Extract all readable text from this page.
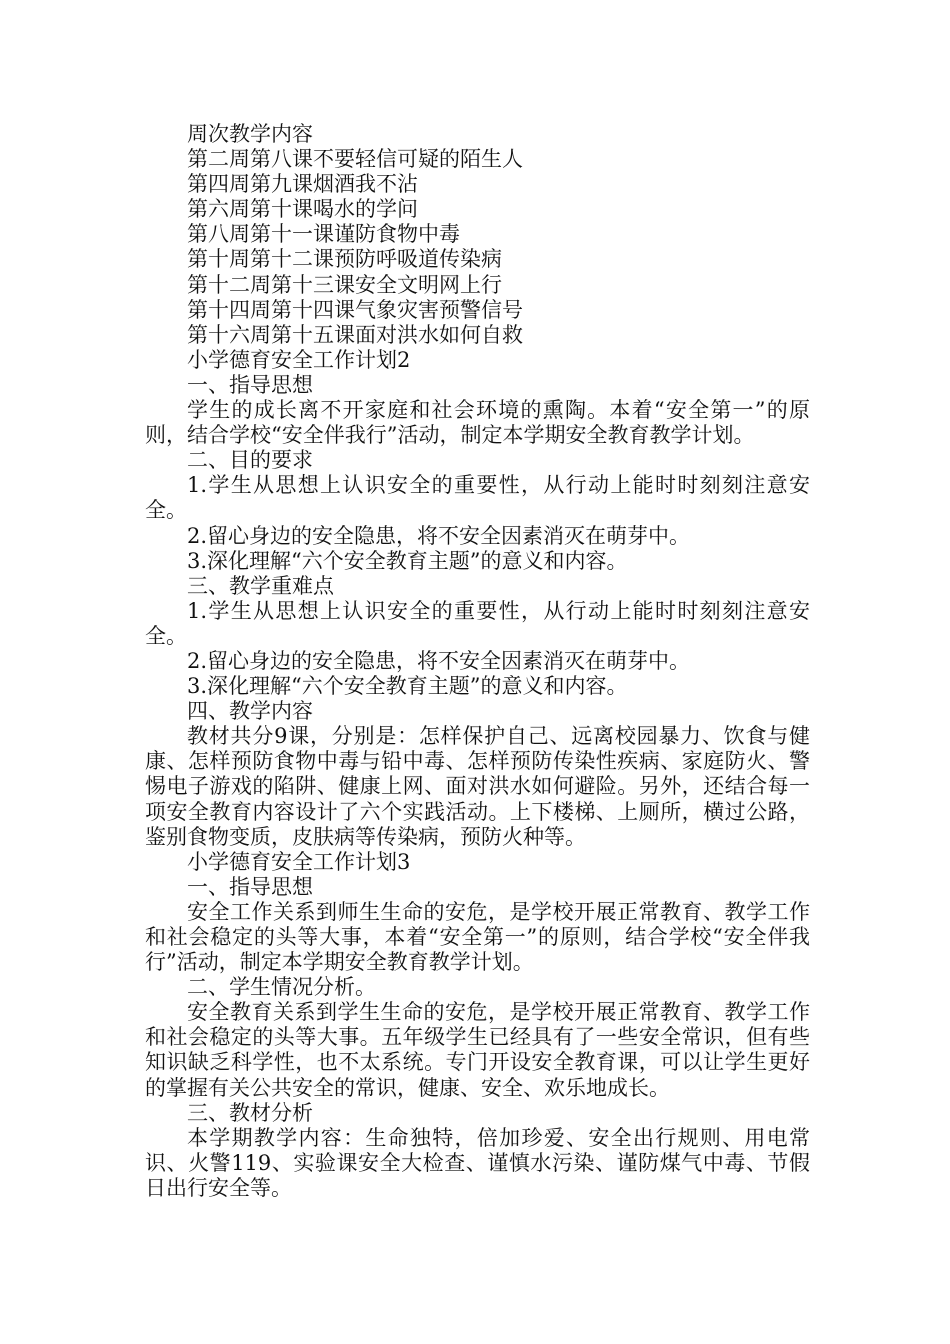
周次教学内容

第二周第八课不要轻信可疑的陌生人

第四周第九课烟酒我不沾

第六周第十课喝水的学问

第八周第十一课谨防食物中毒

第十周第十二课预防呼吸道传染病

第十二周第十三课安全文明网上行

第十四周第十四课气象灾害预警信号

第十六周第十五课面对洪水如何自救

小学德育安全工作计划2

一、指导思想

学生的成长离不开家庭和社会环境的熏陶。本着“安全第一”的原则，结合学校“安全伴我行”活动，制定本学期安全教育教学计划。

二、目的要求

1.学生从思想上认识安全的重要性，从行动上能时时刻刻注意安全。

2.留心身边的安全隐患，将不安全因素消灭在萌芽中。

3.深化理解“六个安全教育主题”的意义和内容。

三、教学重难点

1.学生从思想上认识安全的重要性，从行动上能时时刻刻注意安全。

2.留心身边的安全隐患，将不安全因素消灭在萌芽中。

3.深化理解“六个安全教育主题”的意义和内容。

四、教学内容

教材共分9课，分别是：怎样保护自己、远离校园暴力、饮食与健康、怎样预防食物中毒与铅中毒、怎样预防传染性疾病、家庭防火、警惕电子游戏的陷阱、健康上网、面对洪水如何避险。另外，还结合每一项安全教育内容设计了六个实践活动。上下楼梯、上厕所，横过公路，鉴别食物变质，皮肤病等传染病，预防火种等。

小学德育安全工作计划3

一、指导思想

安全工作关系到师生生命的安危，是学校开展正常教育、教学工作和社会稳定的头等大事，本着“安全第一”的原则，结合学校“安全伴我行”活动，制定本学期安全教育教学计划。

二、学生情况分析。

安全教育关系到学生生命的安危，是学校开展正常教育、教学工作和社会稳定的头等大事。五年级学生已经具有了一些安全常识，但有些知识缺乏科学性，也不太系统。专门开设安全教育课，可以让学生更好的掌握有关公共安全的常识，健康、安全、欢乐地成长。

三、教材分析

本学期教学内容：生命独特，倍加珍爱、安全出行规则、用电常识、火警119、实验课安全大检查、谨慎水污染、谨防煤气中毒、节假日出行安全等。
